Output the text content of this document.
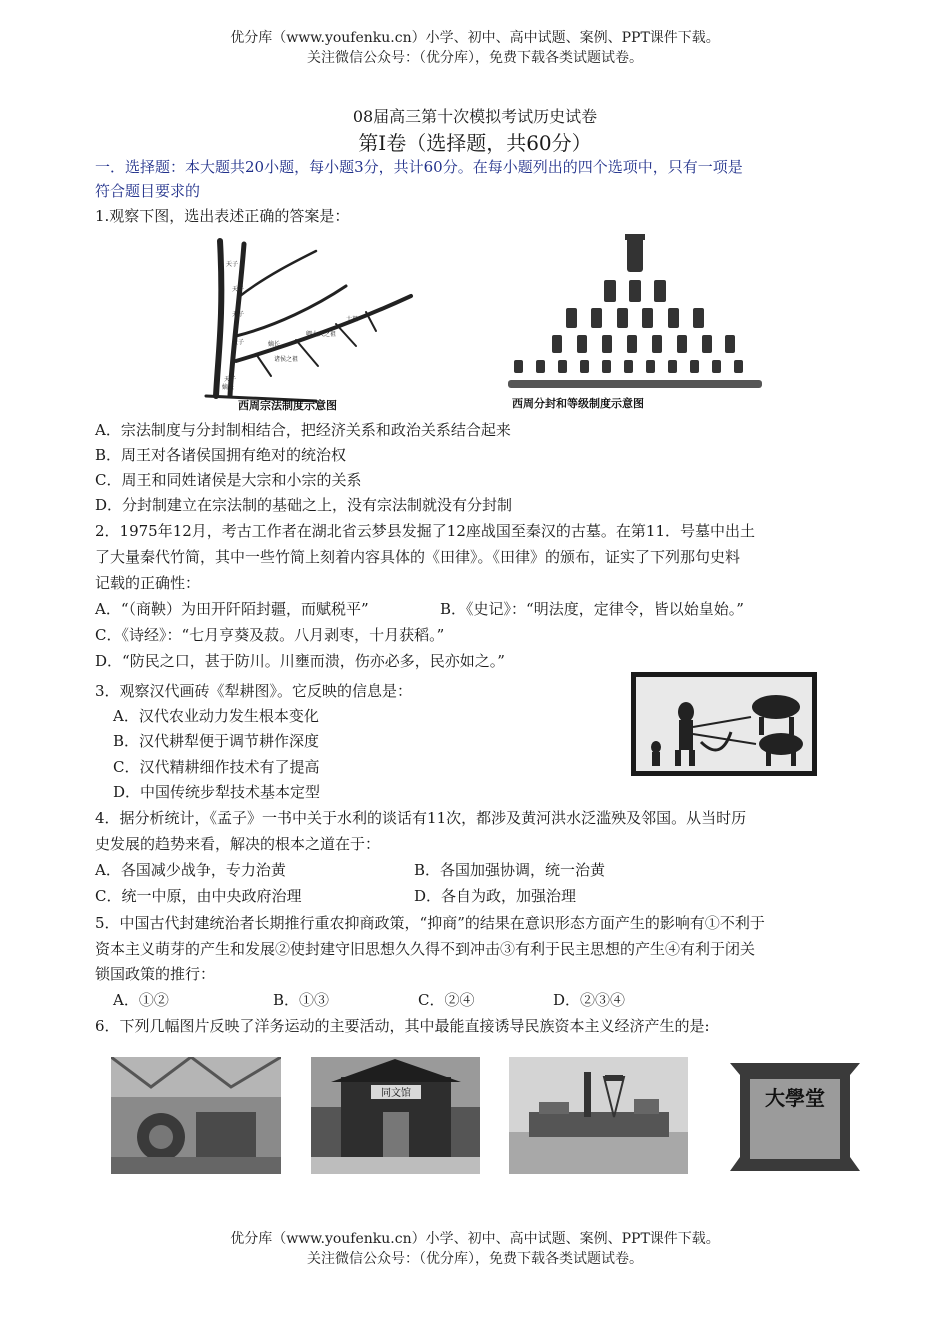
优分库（www.youfenku.cn）小学、初中、高中试题、案例、PPT课件下载。
关注微信公众号：（优分库），免费下载各类试题试卷。
08届高三第十次模拟考试历史试卷
第Ⅰ卷（选择题，共60分）
一．选择题：本大题共20小题，每小题3分，共计60分。在每小题列出的四个选项中，只有一项是
符合题目要求的
1.观察下图，选出表述正确的答案是：
天子
天子
天子
天子
天子
嫡长
嫡长
诸侯之祖
卿大夫之祖
士祖
西周宗法制度示意图	西周分封和等级制度示意图
A．宗法制度与分封制相结合，把经济关系和政治关系结合起来
B．周王对各诸侯国拥有绝对的统治权
C．周王和同姓诸侯是大宗和小宗的关系
D．分封制建立在宗法制的基础之上，没有宗法制就没有分封制
2．1975年12月，考古工作者在湖北省云梦县发掘了12座战国至秦汉的古墓。在第11．号墓中出土
了大量秦代竹简，其中一些竹简上刻着内容具体的《田律》。《田律》的颁布，证实了下列那句史料
记载的正确性：
A．“（商鞅）为田开阡陌封疆，而赋税平”	B．《史记》：“明法度，定律令，皆以始皇始。”
C．《诗经》：“七月亨葵及菽。八月剥枣，十月获稻。”
D．“防民之口，甚于防川。川壅而溃，伤亦必多，民亦如之。”
3．观察汉代画砖《犁耕图》。它反映的信息是：
A．汉代农业动力发生根本变化
B．汉代耕犁便于调节耕作深度
C．汉代精耕细作技术有了提高
D．中国传统步犁技术基本定型
4．据分析统计，《孟子》一书中关于水利的谈话有11次，都涉及黄河洪水泛滥殃及邻国。从当时历
史发展的趋势来看，解决的根本之道在于：
A．各国减少战争，专力治黄	B．各国加强协调，统一治黄
C．统一中原，由中央政府治理	D．各自为政，加强治理
5．中国古代封建统治者长期推行重农抑商政策，“抑商”的结果在意识形态方面产生的影响有①不利于
资本主义萌芽的产生和发展②使封建守旧思想久久得不到冲击③有利于民主思想的产生④有利于闭关
锁国政策的推行：
A．①②	B．①③	C．②④	D．②③④
6．下列几幅图片反映了洋务运动的主要活动，其中最能直接诱导民族资本主义经济产生的是:
同文馆	大學堂
优分库（www.youfenku.cn）小学、初中、高中试题、案例、PPT课件下载。
关注微信公众号：（优分库），免费下载各类试题试卷。
